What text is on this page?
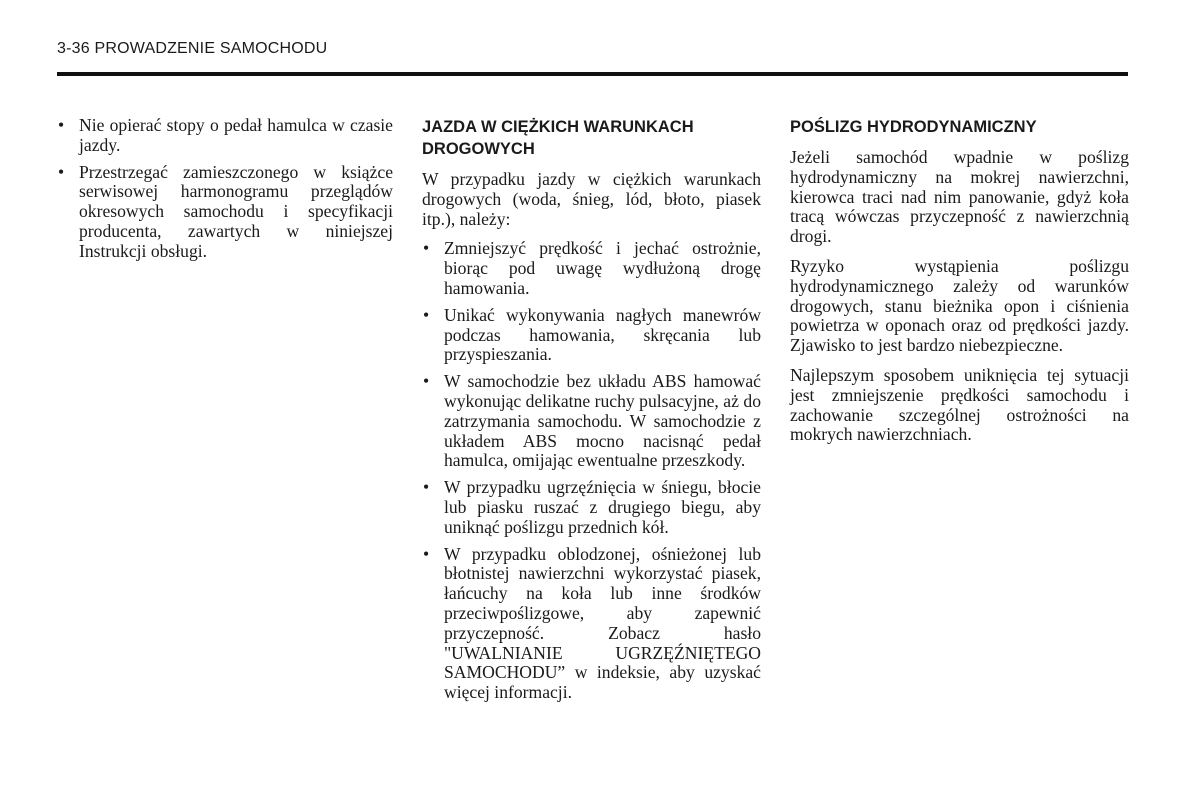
3-36 PROWADZENIE SAMOCHODU
• Nie opierać stopy o pedał hamulca w czasie jazdy.
• Przestrzegać zamieszczonego w książce serwisowej harmonogramu przeglądów okresowych samochodu i specyfikacji producenta, zawartych w niniejszej Instrukcji obsługi.
JAZDA W CIĘŻKICH WARUNKACH DROGOWYCH

W przypadku jazdy w ciężkich warunkach drogowych (woda, śnieg, lód, błoto, piasek itp.), należy:

• Zmniejszyć prędkość i jechać ostrożnie, biorąc pod uwagę wydłużoną drogę hamowania.
• Unikać wykonywania nagłych manewrów podczas hamowania, skręcania lub przyspieszania.
• W samochodzie bez układu ABS hamować wykonując delikatne ruchy pulsacyjne, aż do zatrzymania samochodu. W samochodzie z układem ABS mocno nacisnąć pedał hamulca, omijając ewentualne przeszkody.
• W przypadku ugrzęźnięcia w śniegu, błocie lub piasku ruszać z drugiego biegu, aby uniknąć poślizgu przednich kół.
• W przypadku oblodzonej, ośnieżonej lub błotnistej nawierzchni wykorzystać piasek, łańcuchy na koła lub inne środków przeciwpoślizgowe, aby zapewnić przyczepność. Zobacz hasło "UWALNIANIE UGRZĘŹNIĘTEGO SAMOCHODU” w indeksie, aby uzyskać więcej informacji.
POŚLIZG HYDRODYNAMICZNY

Jeżeli samochód wpadnie w poślizg hydrodynamiczny na mokrej nawierzchni, kierowca traci nad nim panowanie, gdyż koła tracą wówczas przyczepność z nawierzchnią drogi.

Ryzyko wystąpienia poślizgu hydrodynamicznego zależy od warunków drogowych, stanu bieżnika opon i ciśnienia powietrza w oponach oraz od prędkości jazdy. Zjawisko to jest bardzo niebezpieczne.

Najlepszym sposobem uniknięcia tej sytuacji jest zmniejszenie prędkości samochodu i zachowanie szczególnej ostrożności na mokrych nawierzchniach.
